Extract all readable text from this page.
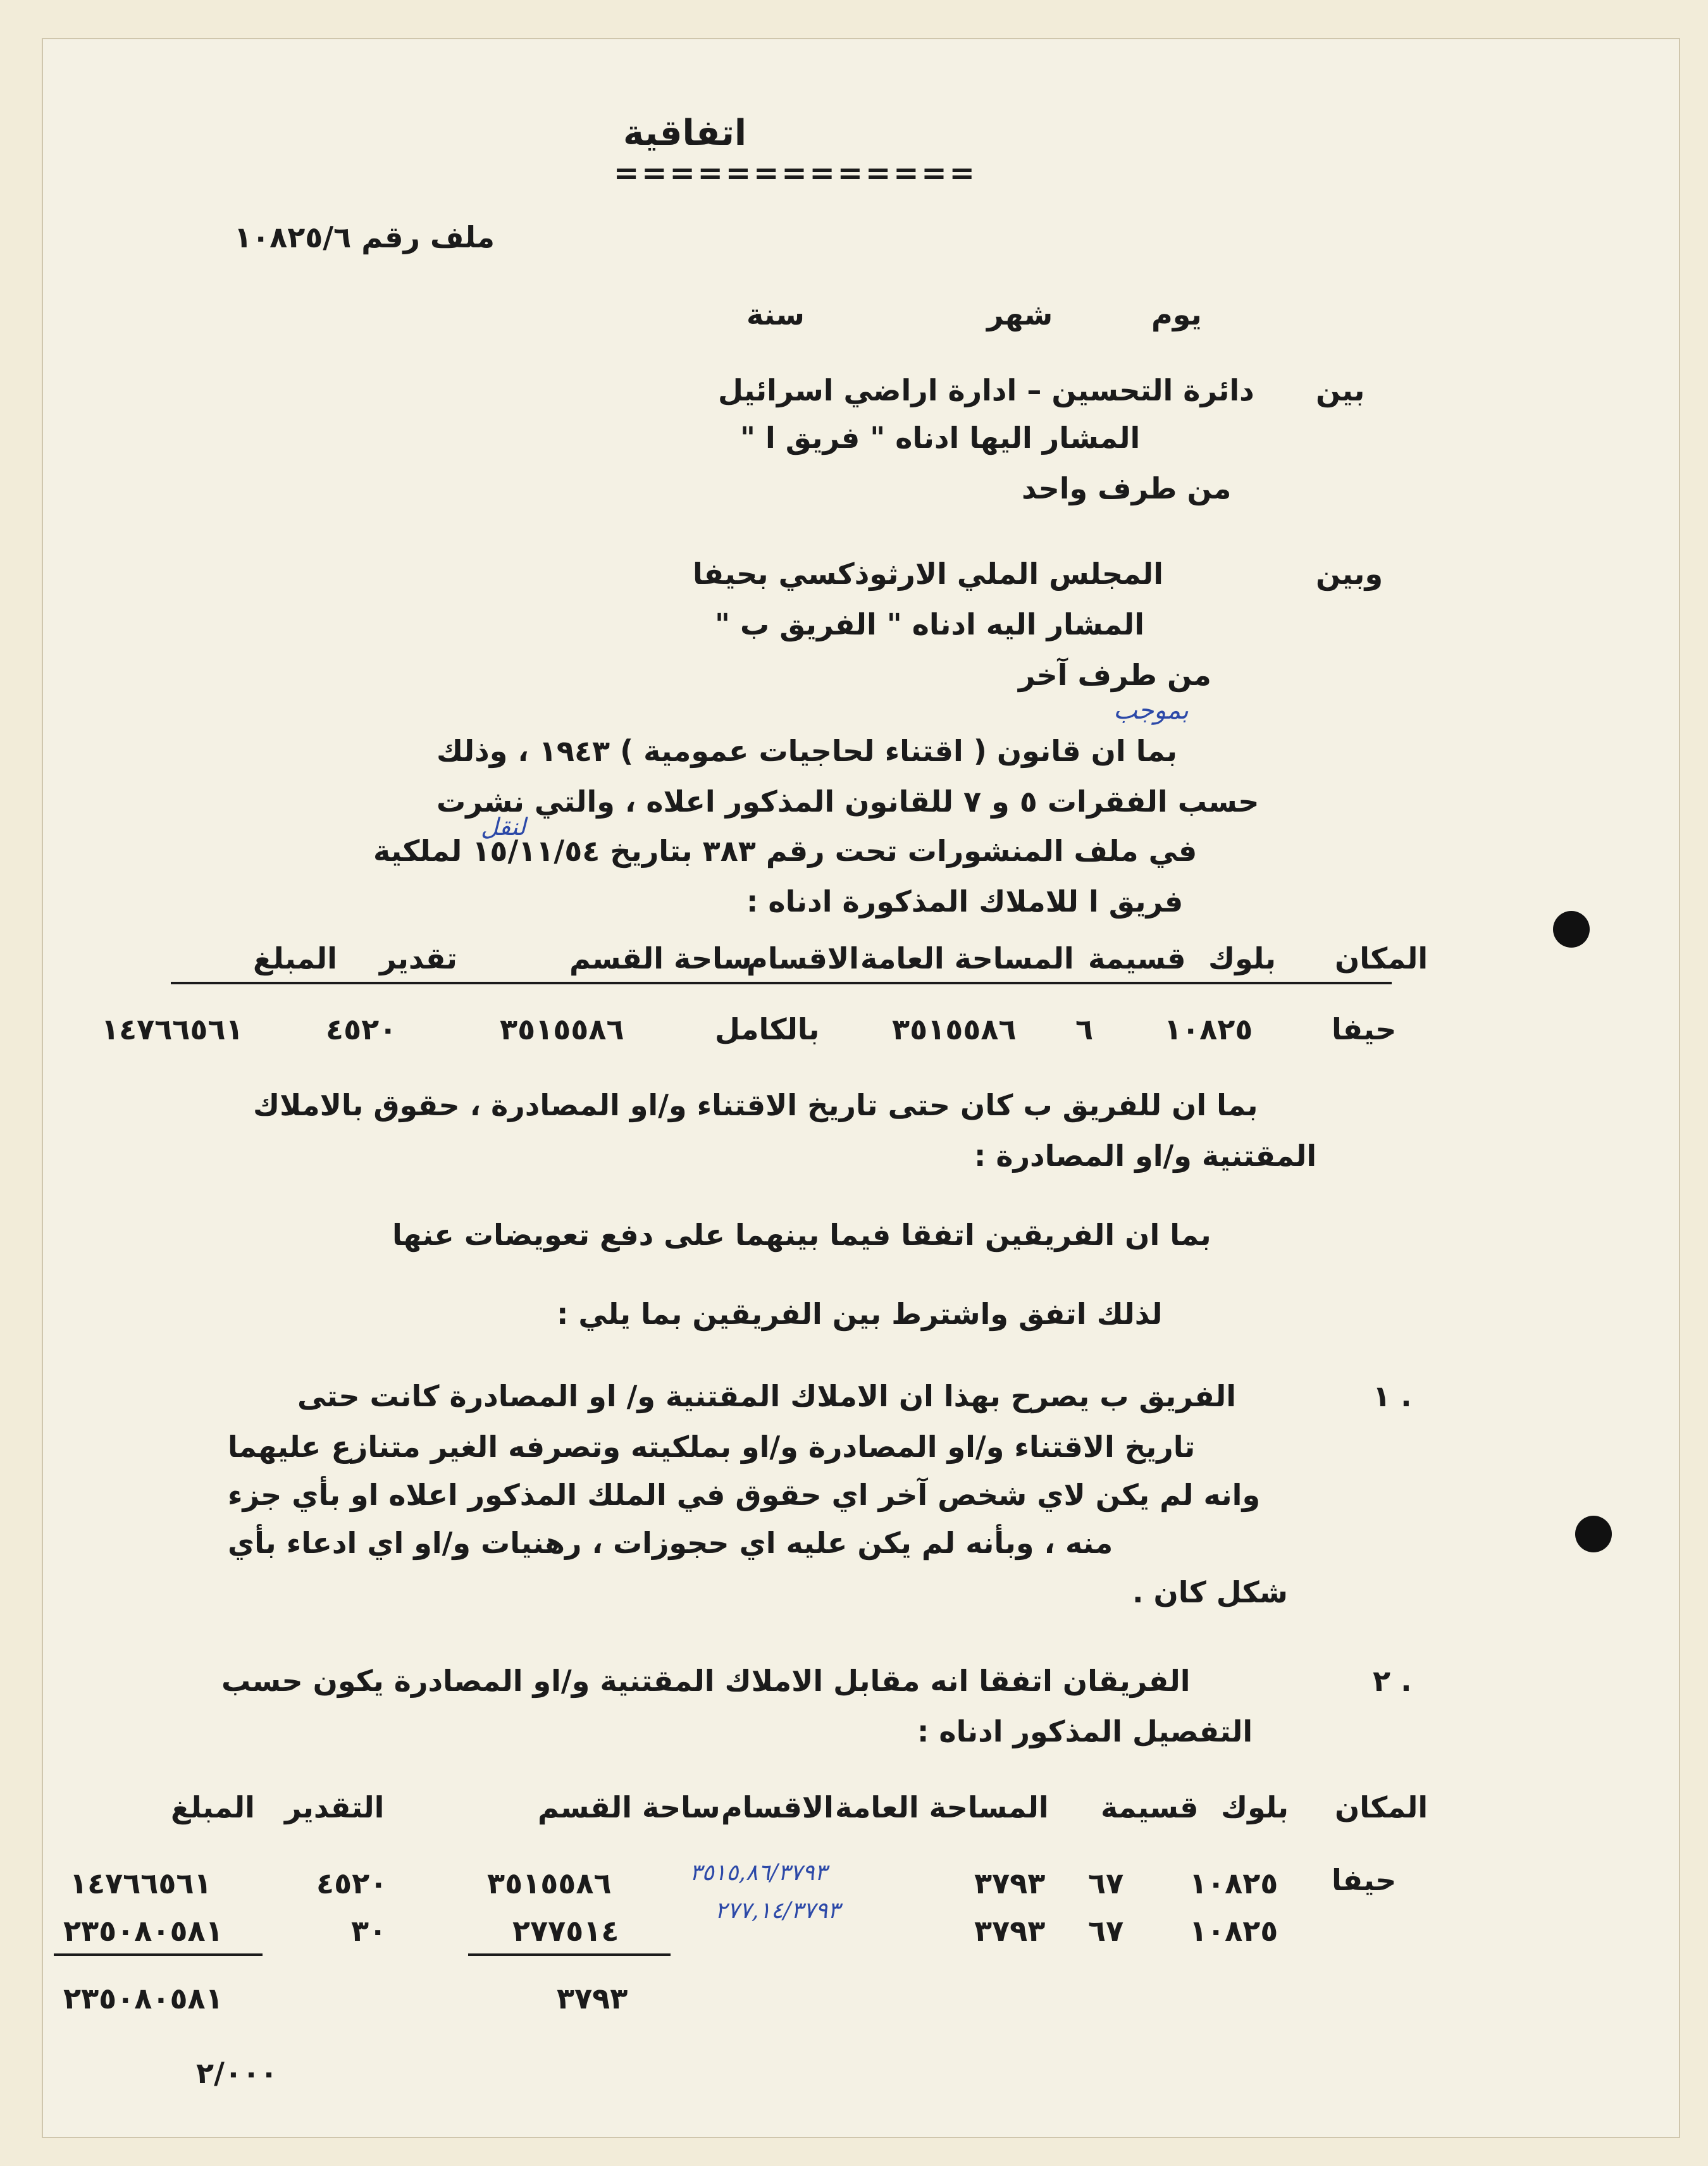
اتفاقية
=============
ملف رقم ١٠٨٢٥/٦
يوم
شهر
سنة
بين
دائرة التحسين – ادارة اراضي اسرائيل
المشار اليها ادناه " فريق ا "
من طرف واحد
وبين
المجلس الملي الارثوذكسي بحيفا
المشار اليه ادناه " الفريق ب "
من طرف آخر
بموجب
لنقل
بما ان قانون ( اقتناء لحاجيات عمومية ) ١٩٤٣ ، وذلك
حسب الفقرات ٥ و ٧ للقانون المذكور اعلاه ، والتي نشرت
في ملف المنشورات تحت رقم ٣٨٣ بتاريخ ١٥/١١/٥٤ لملكية
فريق ا للاملاك المذكورة ادناه :
المكان
بلوك
قسيمة
المساحة العامة
الاقسام
ساحة القسم
تقدير
المبلغ
حيفا
١٠٨٢٥
٦
٣٥١٥٥٨٦
بالكامل
٣٥١٥٥٨٦
٤٥٢٠
١٤٧٦٦٥٦١
بما ان للفريق ب كان حتى تاريخ الاقتناء و/او المصادرة ، حقوق بالاملاك
المقتنية و/او المصادرة :
بما ان الفريقين اتفقا فيما بينهما على دفع تعويضات عنها
لذلك اتفق واشترط بين الفريقين بما يلي :
١ .
الفريق ب يصرح بهذا ان الاملاك المقتنية و/ او المصادرة كانت حتى
تاريخ الاقتناء و/او المصادرة و/او بملكيته وتصرفه الغير متنازع عليهما
وانه لم يكن لاي شخص آخر اي حقوق في الملك المذكور اعلاه او بأي جزء
منه ، وبأنه لم يكن عليه اي حجوزات ، رهنيات و/او اي ادعاء بأي
شكل كان .
٢ .
الفريقان اتفقا انه مقابل الاملاك المقتنية و/او المصادرة يكون حسب
التفصيل المذكور ادناه :
المكان
بلوك
قسيمة
المساحة العامة
الاقسام
ساحة القسم
التقدير
المبلغ
حيفا
١٠٨٢٥
٦٧
٣٧٩٣
٣٥١٥,٨٦/٣٧٩٣
٣٥١٥٥٨٦
٤٥٢٠
١٤٧٦٦٥٦١
١٠٨٢٥
٦٧
٣٧٩٣
٢٧٧,١٤/٣٧٩٣
٢٧٧٥١٤
٣٠
٢٣٥٠٨٠٥٨١
٣٧٩٣
٢٣٥٠٨٠٥٨١
٢/٠٠٠
